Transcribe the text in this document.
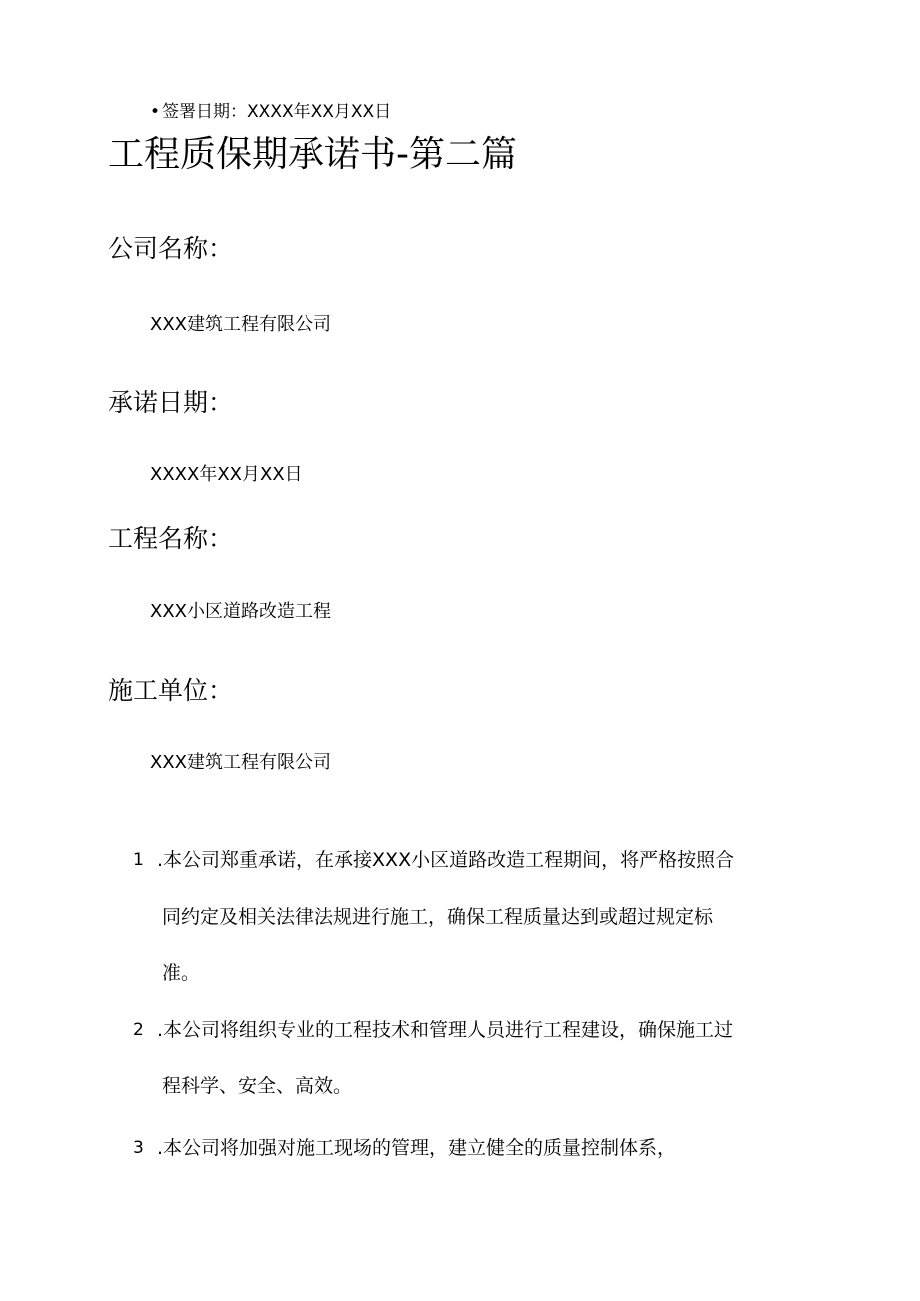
• 签署日期：XXXX年XX月XX日
工程质保期承诺书-第二篇
公司名称：
XXX建筑工程有限公司
承诺日期：
XXXX年XX月XX日
工程名称：
XXX小区道路改造工程
施工单位：
XXX建筑工程有限公司
1 .本公司郑重承诺，在承接XXX小区道路改造工程期间，将严格按照合
同约定及相关法律法规进行施工，确保工程质量达到或超过规定标
准。
2 .本公司将组织专业的工程技术和管理人员进行工程建设，确保施工过
程科学、安全、高效。
3 .本公司将加强对施工现场的管理，建立健全的质量控制体系，
